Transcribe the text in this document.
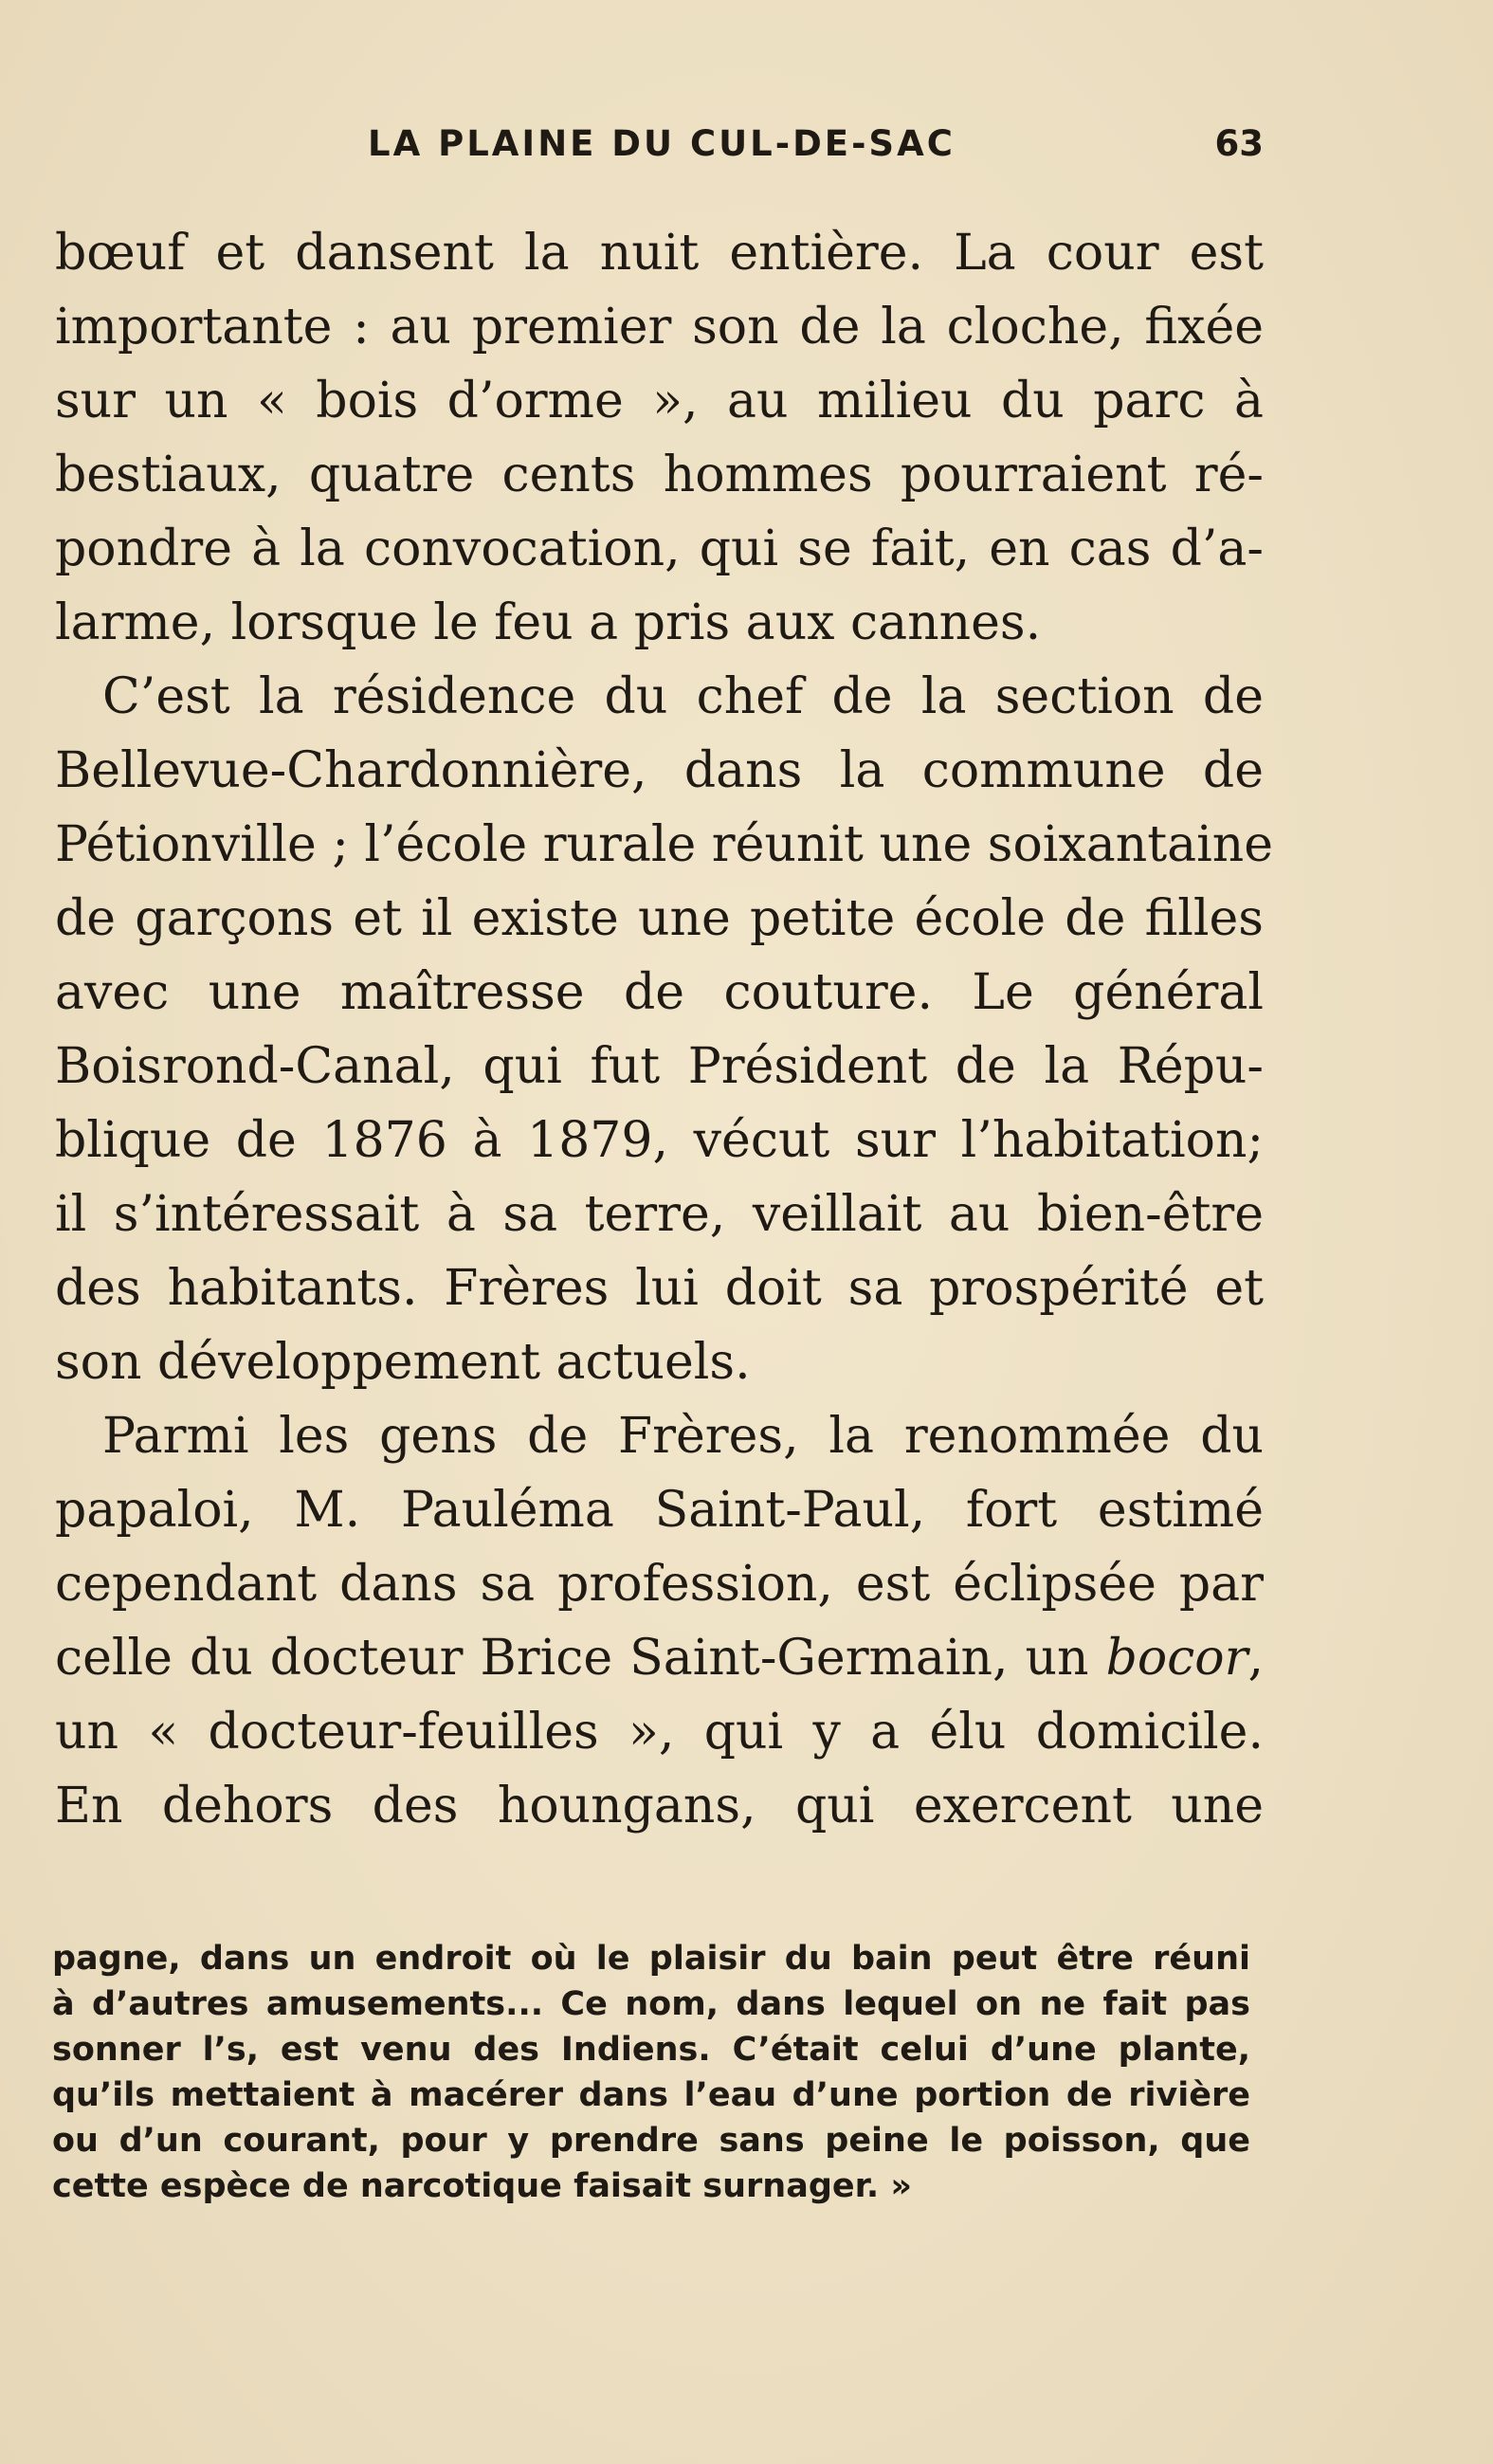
LA PLAINE DU CUL-DE-SAC	63
bœuf et dansent la nuit entière. La cour est
importante : au premier son de la cloche, fixée
sur un « bois d’orme », au milieu du parc à
bestiaux, quatre cents hommes pourraient ré-
pondre à la convocation, qui se fait, en cas d’a-
larme, lorsque le feu a pris aux cannes.
C’est la résidence du chef de la section de
Bellevue-Chardonnière, dans la commune de
Pétionville ; l’école rurale réunit une soixantaine
de garçons et il existe une petite école de filles
avec une maîtresse de couture. Le général
Boisrond-Canal, qui fut Président de la Répu-
blique de 1876 à 1879, vécut sur l’habitation;
il s’intéressait à sa terre, veillait au bien-être
des habitants. Frères lui doit sa prospérité et
son développement actuels.
Parmi les gens de Frères, la renommée du
papaloi, M. Pauléma Saint-Paul, fort estimé
cependant dans sa profession, est éclipsée par
celle du docteur Brice Saint-Germain, un bocor,
un « docteur-feuilles », qui y a élu domicile.
En dehors des houngans, qui exercent une
pagne, dans un endroit où le plaisir du bain peut être réuni
à d’autres amusements... Ce nom, dans lequel on ne fait pas
sonner l’s, est venu des Indiens. C’était celui d’une plante,
qu’ils mettaient à macérer dans l’eau d’une portion de rivière
ou d’un courant, pour y prendre sans peine le poisson, que
cette espèce de narcotique faisait surnager. »
